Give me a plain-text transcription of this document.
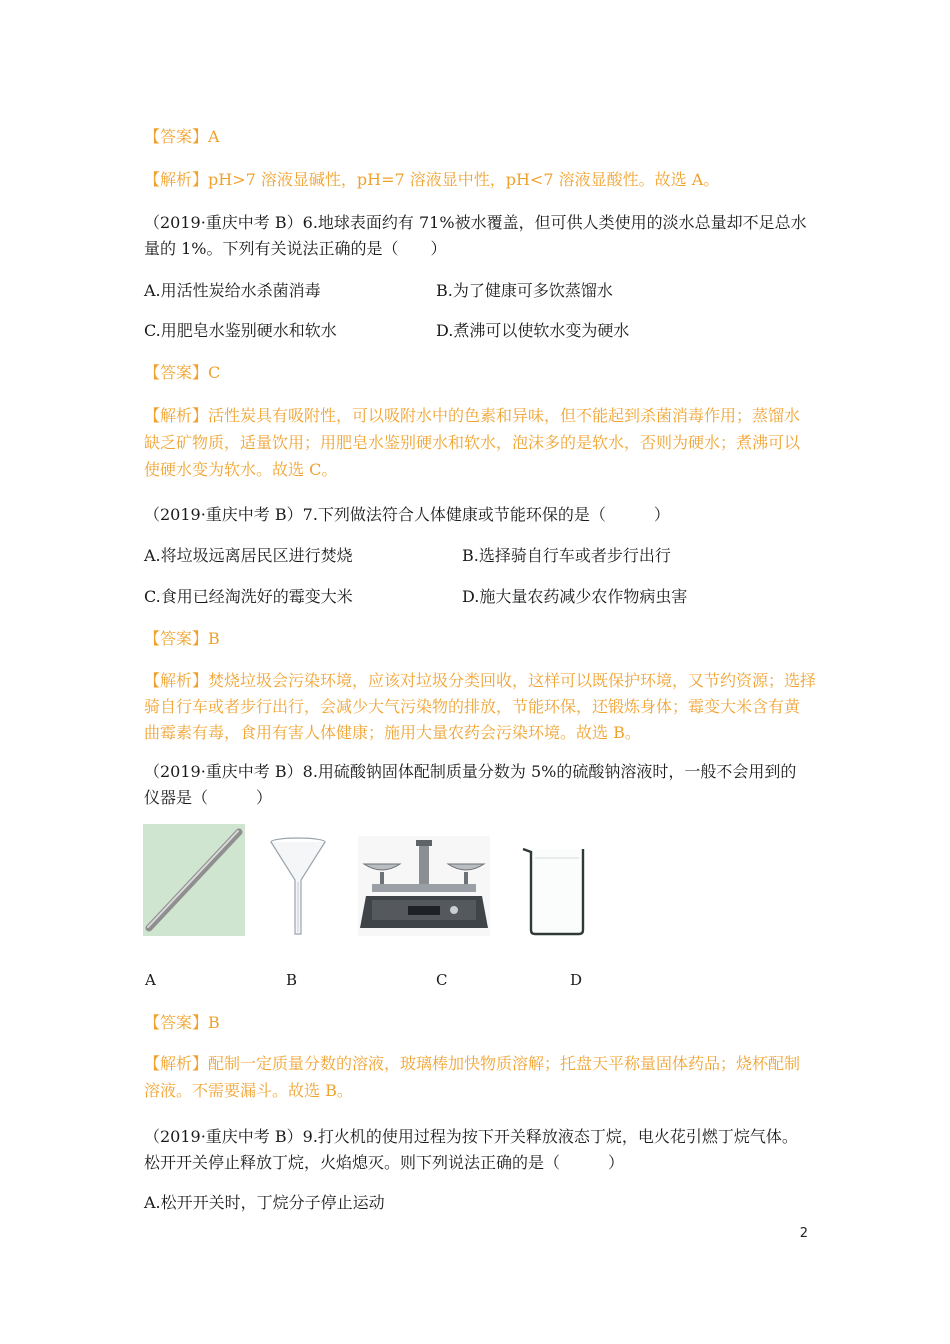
【答案】A
【解析】pH>7 溶液显碱性，pH=7 溶液显中性，pH<7 溶液显酸性。故选 A。
（2019·重庆中考 B）6.地球表面约有 71%被水覆盖，但可供人类使用的淡水总量却不足总水
量的 1%。下列有关说法正确的是（　　）
A.用活性炭给水杀菌消毒	B.为了健康可多饮蒸馏水
C.用肥皂水鉴别硬水和软水	D.煮沸可以使软水变为硬水
【答案】C
【解析】活性炭具有吸附性，可以吸附水中的色素和异味，但不能起到杀菌消毒作用；蒸馏水
缺乏矿物质，适量饮用；用肥皂水鉴别硬水和软水，泡沫多的是软水，否则为硬水；煮沸可以
使硬水变为软水。故选 C。
（2019·重庆中考 B）7.下列做法符合人体健康或节能环保的是（　　　）
A.将垃圾远离居民区进行焚烧	B.选择骑自行车或者步行出行
C.食用已经淘洗好的霉变大米	D.施大量农药减少农作物病虫害
【答案】B
【解析】焚烧垃圾会污染环境，应该对垃圾分类回收，这样可以既保护环境，又节约资源；选择
骑自行车或者步行出行，会减少大气污染物的排放，节能环保，还锻炼身体；霉变大米含有黄
曲霉素有毒，食用有害人体健康；施用大量农药会污染环境。故选 B。
（2019·重庆中考 B）8.用硫酸钠固体配制质量分数为 5%的硫酸钠溶液时，一般不会用到的
仪器是（　　　）
A	B	C	D
【答案】B
【解析】配制一定质量分数的溶液，玻璃棒加快物质溶解；托盘天平称量固体药品；烧杯配制
溶液。不需要漏斗。故选 B。
（2019·重庆中考 B）9.打火机的使用过程为按下开关释放液态丁烷，电火花引燃丁烷气体。
松开开关停止释放丁烷，火焰熄灭。则下列说法正确的是（　　　）
A.松开开关时，丁烷分子停止运动
2
